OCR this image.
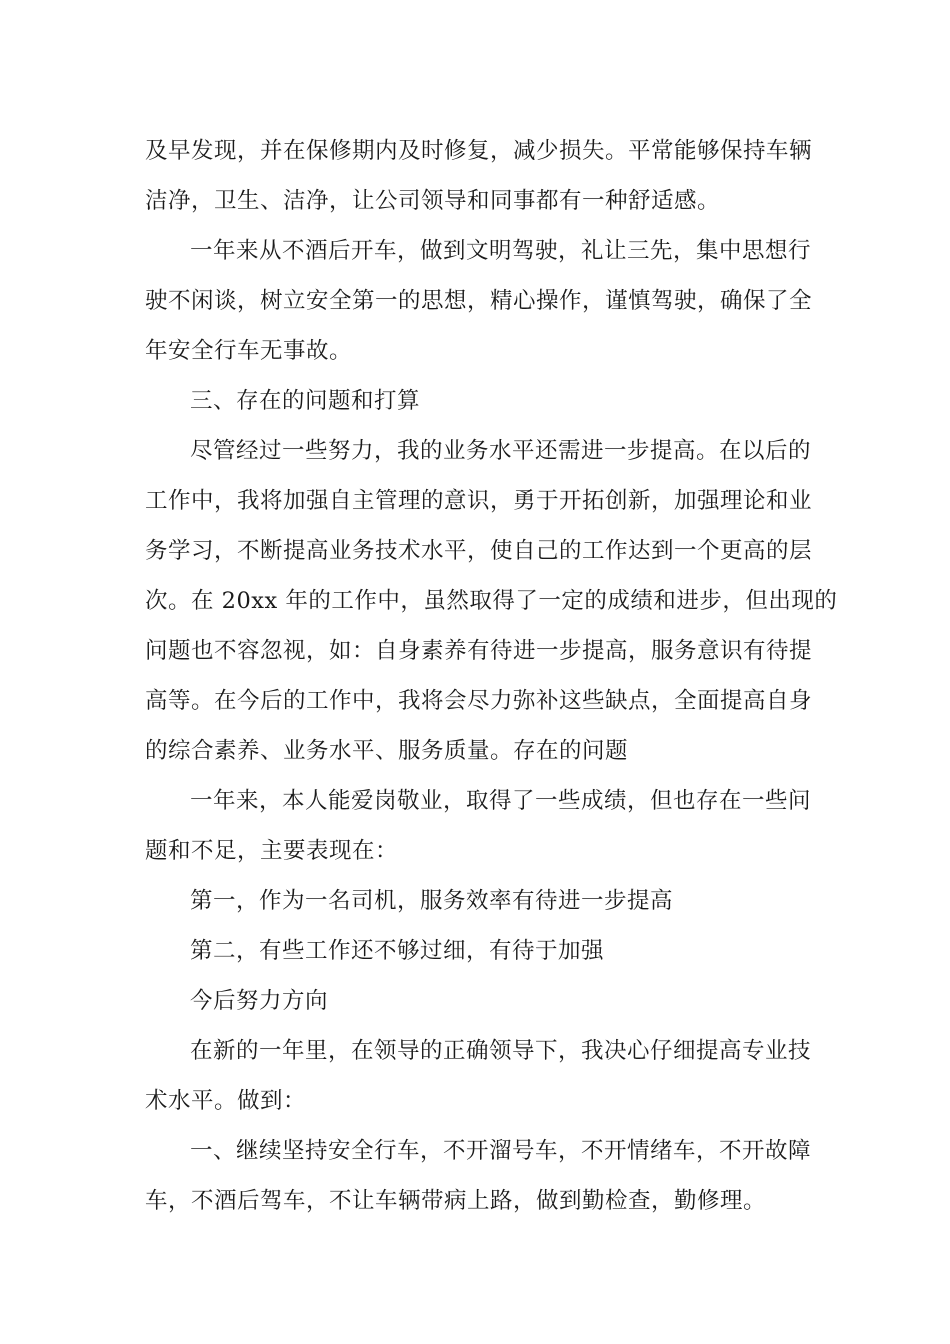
及早发现，并在保修期内及时修复，减少损失。平常能够保持车辆
洁净，卫生、洁净，让公司领导和同事都有一种舒适感。
一年来从不酒后开车，做到文明驾驶，礼让三先，集中思想行
驶不闲谈，树立安全第一的思想，精心操作，谨慎驾驶，确保了全
年安全行车无事故。
三、存在的问题和打算
尽管经过一些努力，我的业务水平还需进一步提高。在以后的
工作中，我将加强自主管理的意识，勇于开拓创新，加强理论和业
务学习，不断提高业务技术水平，使自己的工作达到一个更高的层
次。在 20xx 年的工作中，虽然取得了一定的成绩和进步，但出现的
问题也不容忽视，如：自身素养有待进一步提高，服务意识有待提
高等。在今后的工作中，我将会尽力弥补这些缺点，全面提高自身
的综合素养、业务水平、服务质量。存在的问题
一年来，本人能爱岗敬业，取得了一些成绩，但也存在一些问
题和不足，主要表现在：
第一，作为一名司机，服务效率有待进一步提高
第二，有些工作还不够过细，有待于加强
今后努力方向
在新的一年里，在领导的正确领导下，我决心仔细提高专业技
术水平。做到：
一、继续坚持安全行车，不开溜号车，不开情绪车，不开故障
车，不酒后驾车，不让车辆带病上路，做到勤检查，勤修理。
